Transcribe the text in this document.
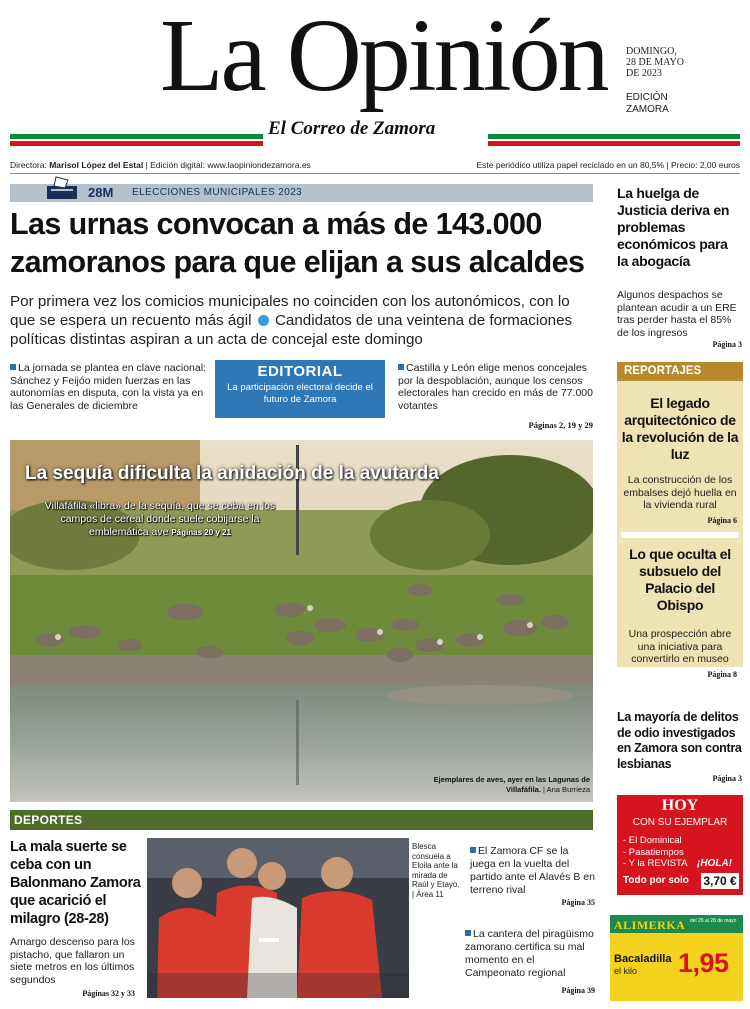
La Opinión
El Correo de Zamora
DOMINGO,
28 DE MAYO
DE 2023
EDICIÓN
ZAMORA
Directora: Marisol López del Estal | Edición digital: www.laopiniondezamora.es	Este periódico utiliza papel reciclado en un 80,5% | Precio: 2,00 euros
28M ELECCIONES MUNICIPALES 2023
Las urnas convocan a más de 143.000 zamoranos para que elijan a sus alcaldes
Por primera vez los comicios municipales no coinciden con los autonómicos, con lo que se espera un recuento más ágil Candidatos de una veintena de formaciones políticas distintas aspiran a un acta de concejal este domingo
La jornada se plantea en clave nacional: Sánchez y Feijóo miden fuerzas en las autonomías en disputa, con la vista ya en las Generales de diciembre
EDITORIAL
La participación electoral decide el futuro de Zamora
Castilla y León elige menos concejales por la despoblación, aunque los censos electorales han crecido en más de 77.000 votantes
Páginas 2, 19 y 29
La sequía dificulta la anidación de la avutarda
Villafáfila «libra» de la sequía, que se ceba en los campos de cereal donde suele cobijarse la emblemática ave Páginas 20 y 21
Ejemplares de aves, ayer en las Lagunas de Villafáfila. | Ana Burrieza
DEPORTES
La mala suerte se ceba con un Balonmano Zamora que acarició el milagro (28-28)
Amargo descenso para los pistacho, que fallaron un siete metros en los últimos segundos
Páginas 32 y 33
Blesca consuela a Eloila ante la mirada de Raúl y Etayo. | Área 11
El Zamora CF se la juega en la vuelta del partido ante el Alavés B en terreno rival
Página 35
La cantera del piragüismo zamorano certifica su mal momento en el Campeonato regional
Página 39
La huelga de Justicia deriva en problemas económicos para la abogacía
Algunos despachos se plantean acudir a un ERE tras perder hasta el 85% de los ingresos
Página 3
REPORTAJES
El legado arquitectónico de la revolución de la luz
La construcción de los embalses dejó huella en la vivienda rural
Página 6
Lo que oculta el subsuelo del Palacio del Obispo
Una prospección abre una iniciativa para convertirlo en museo
Página 8
La mayoría de delitos de odio investigados en Zamora son contra lesbianas
Página 3
HOY
CON SU EJEMPLAR
- El Dominical
- Pasatiempos
- Y la REVISTA ¡HOLA!
Todo por solo 3,70 €
ALIMERKA del 26 al 28 de mayo
Bacaladilla
el kilo 1,95
